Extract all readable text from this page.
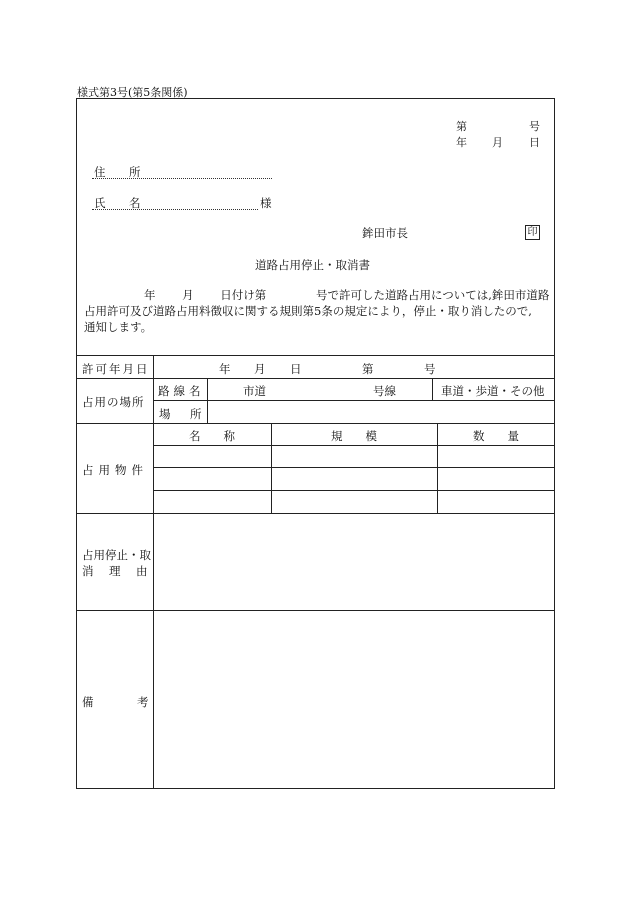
様式第3号(第5条関係)
第	号
年 月 日
住 所
氏 名	様
鉾田市長	印
道路占用停止・取消書
年　　 月　　 日付け第　　　　 号で許可した道路占用については,鉾田市道路
占用許可及び道路占用料徴収に関する規則第5条の規定により，停止・取り消したので,
通知します。
許可年月日	年 月 日	第	号
占用の場所
路線名	市道	号線	車道・歩道・その他
場 所
占用物件
名　　称	規　　模	数　　量
占用停止・取
消　理　由
備	考
